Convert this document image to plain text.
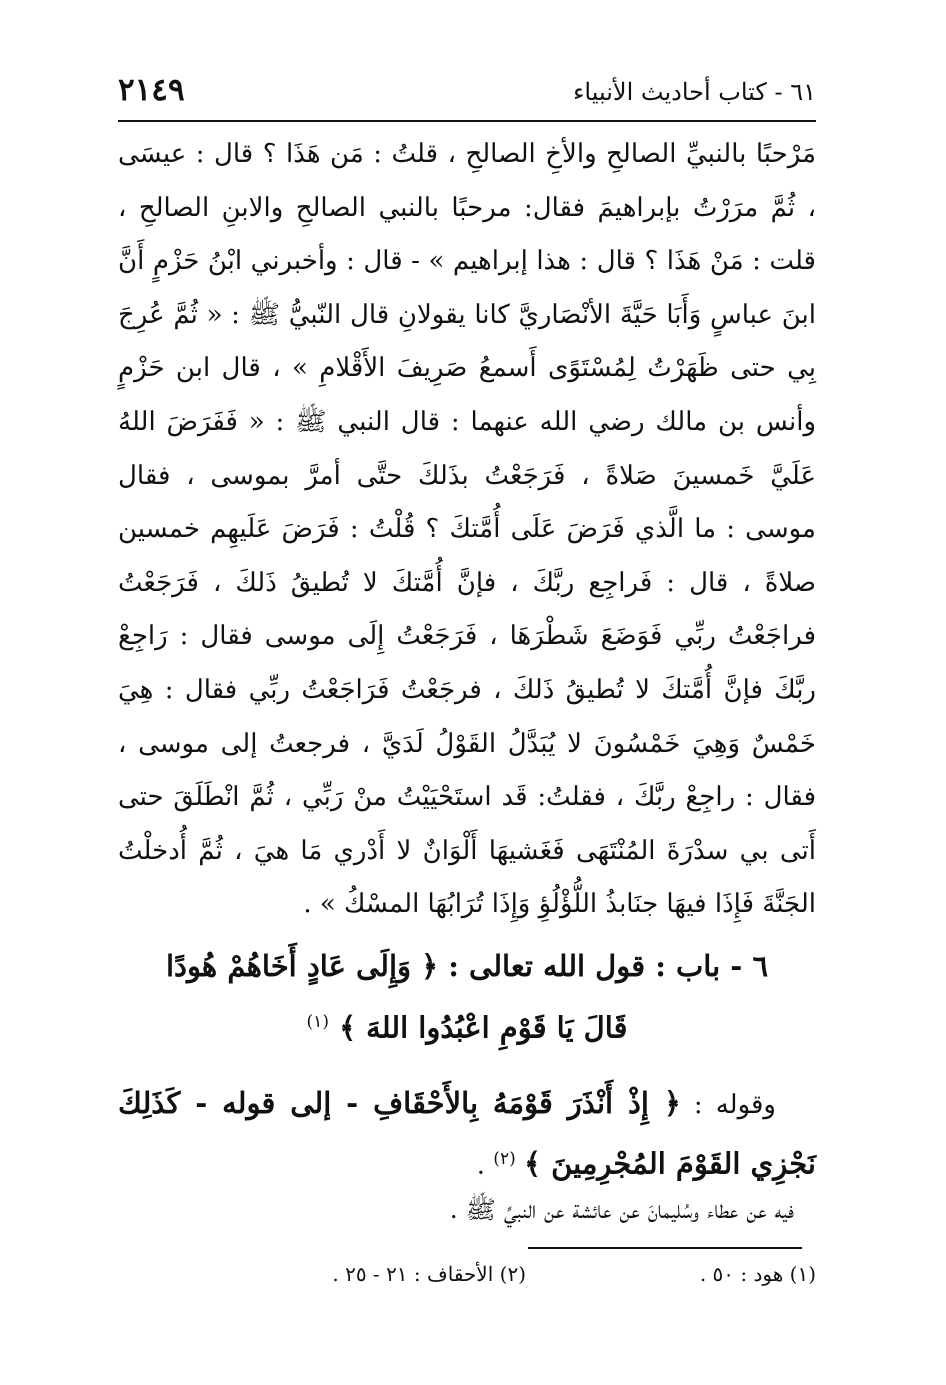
٦١ - كتاب أحاديث الأنبياء
٢١٤٩

مَرْحبًا بالنبيِّ الصالحِ والأخِ الصالحِ ، قلتُ : مَن هَذَا ؟ قال : عيسَى ، ثُمَّ مرَرْتُ بإبراهيمَ فقال: مرحبًا بالنبي الصالحِ والابنِ الصالحِ ، قلت : مَنْ هَذَا ؟ قال : هذا إبراهيم » - قال : وأخبرني ابْنُ حَزْمٍ أَنَّ ابنَ عباسٍ وَأَبَا حَيَّةَ الأنْصَاريَّ كانا يقولانِ قال النّبيُّ ﷺ : « ثُمَّ عُرِجَ بِي حتى ظَهَرْتُ لِمُسْتَوًى أَسمعُ صَرِيفَ الأَقْلامِ » ، قال ابن حَزْمٍ وأنس بن مالك رضي الله عنهما : قال النبي ﷺ : « فَفَرَضَ اللهُ عَلَيَّ خَمسينَ صَلاةً ، فَرَجَعْتُ بذَلكَ حتَّى أمرَّ بموسى ، فقال موسى : ما الَّذي فَرَضَ عَلَى أُمَّتكَ ؟ قُلْتُ : فَرَضَ عَلَيهِم خمسين صلاةً ، قال : فَراجِع ربَّكَ ، فإنَّ أُمَّتكَ لا تُطيقُ ذَلكَ ، فَرَجَعْتُ فراجَعْتُ ربِّي فَوَضَعَ شَطْرَهَا ، فَرَجَعْتُ إِلَى موسى فقال : رَاجِعْ ربَّكَ فإنَّ أُمَّتكَ لا تُطيقُ ذَلكَ ، فرجَعْتُ فَرَاجَعْتُ ربِّي فقال : هِيَ خَمْسٌ وَهِيَ خَمْسُونَ لا يُبَدَّلُ القَوْلُ لَدَيَّ ، فرجعتُ إلى موسى ، فقال : راجِعْ ربَّكَ ، فقلتُ: قَد استَحْيَيْتُ منْ رَبِّي ، ثُمَّ انْطَلَقَ حتى أَتى بي سدْرَةَ المُنْتَهَى فَغَشيهَا أَلْوَانٌ لا أَدْري مَا هيَ ، ثُمَّ أُدخلْتُ الجَنَّةَ فَإِذَا فيهَا جنَابذُ اللُّؤْلُؤِ وَإِذَا تُرَابُهَا المسْكُ » .

٦ - باب : قول الله تعالى : ﴿ وَإِلَى عَادٍ أَخَاهُمْ هُودًا

قَالَ يَا قَوْمِ اعْبُدُوا اللهَ ﴾ $^{(١)}$

وقوله : ﴿ إِذْ أَنْذَرَ قَوْمَهُ بِالأَحْقَافِ - إلى قوله - كَذَلِكَ نَجْزِي القَوْمَ المُجْرِمِينَ ﴾ $^{(٢)}$ .

فيه عن عطاء وسُليمانَ عن عائشة عن النبيِّ ﷺ .
(١) هود : ٥٠ .
(٢) الأحقاف : ٢١ - ٢٥ .
